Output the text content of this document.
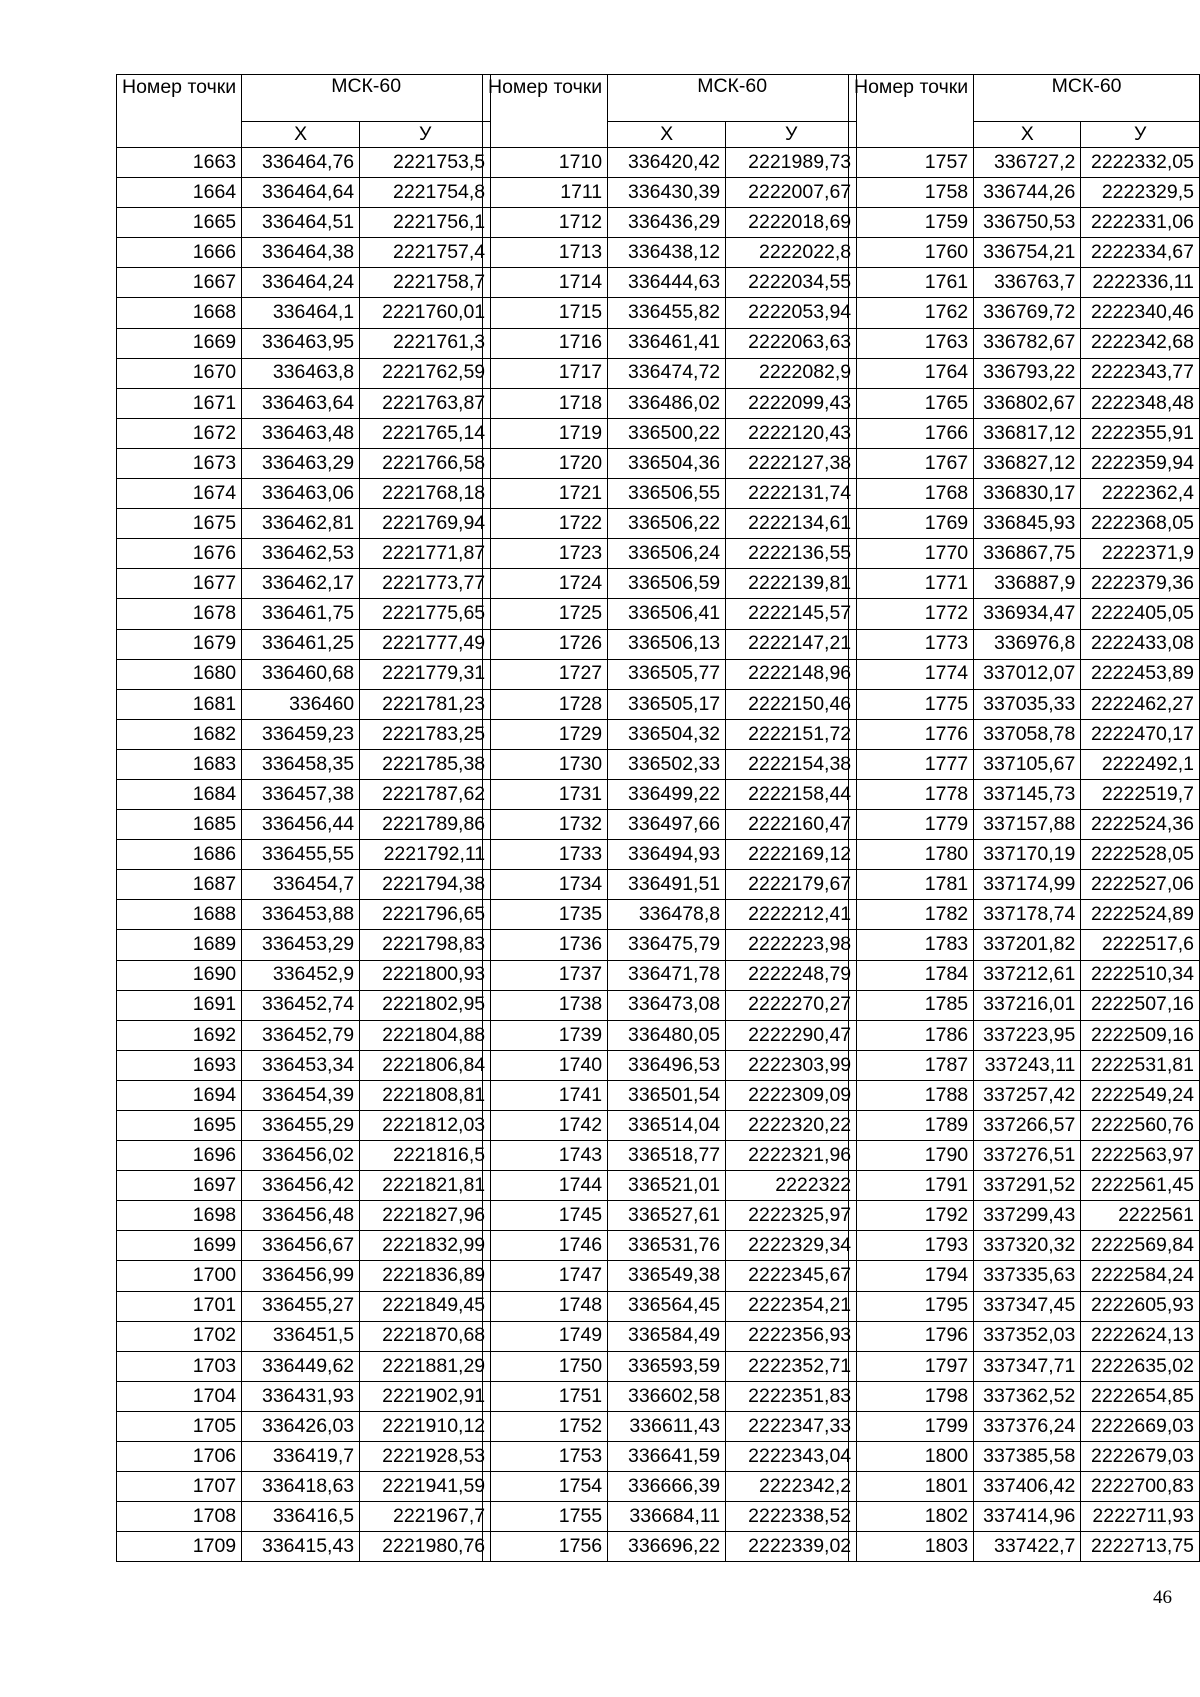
Номер точки	МСК-60	
	Х	У
1663	336464,76	2221753,5
1664	336464,64	2221754,8
1665	336464,51	2221756,1
1666	336464,38	2221757,4
1667	336464,24	2221758,7
1668	336464,1	2221760,01
1669	336463,95	2221761,3
1670	336463,8	2221762,59
1671	336463,64	2221763,87
1672	336463,48	2221765,14
1673	336463,29	2221766,58
1674	336463,06	2221768,18
1675	336462,81	2221769,94
1676	336462,53	2221771,87
1677	336462,17	2221773,77
1678	336461,75	2221775,65
1679	336461,25	2221777,49
1680	336460,68	2221779,31
1681	336460	2221781,23
1682	336459,23	2221783,25
1683	336458,35	2221785,38
1684	336457,38	2221787,62
1685	336456,44	2221789,86
1686	336455,55	2221792,11
1687	336454,7	2221794,38
1688	336453,88	2221796,65
1689	336453,29	2221798,83
1690	336452,9	2221800,93
1691	336452,74	2221802,95
1692	336452,79	2221804,88
1693	336453,34	2221806,84
1694	336454,39	2221808,81
1695	336455,29	2221812,03
1696	336456,02	2221816,5
1697	336456,42	2221821,81
1698	336456,48	2221827,96
1699	336456,67	2221832,99
1700	336456,99	2221836,89
1701	336455,27	2221849,45
1702	336451,5	2221870,68
1703	336449,62	2221881,29
1704	336431,93	2221902,91
1705	336426,03	2221910,12
1706	336419,7	2221928,53
1707	336418,63	2221941,59
1708	336416,5	2221967,7
1709	336415,43	2221980,76
Номер точки	МСК-60	
	Х	У
1710	336420,42	2221989,73
1711	336430,39	2222007,67
1712	336436,29	2222018,69
1713	336438,12	2222022,8
1714	336444,63	2222034,55
1715	336455,82	2222053,94
1716	336461,41	2222063,63
1717	336474,72	2222082,9
1718	336486,02	2222099,43
1719	336500,22	2222120,43
1720	336504,36	2222127,38
1721	336506,55	2222131,74
1722	336506,22	2222134,61
1723	336506,24	2222136,55
1724	336506,59	2222139,81
1725	336506,41	2222145,57
1726	336506,13	2222147,21
1727	336505,77	2222148,96
1728	336505,17	2222150,46
1729	336504,32	2222151,72
1730	336502,33	2222154,38
1731	336499,22	2222158,44
1732	336497,66	2222160,47
1733	336494,93	2222169,12
1734	336491,51	2222179,67
1735	336478,8	2222212,41
1736	336475,79	2222223,98
1737	336471,78	2222248,79
1738	336473,08	2222270,27
1739	336480,05	2222290,47
1740	336496,53	2222303,99
1741	336501,54	2222309,09
1742	336514,04	2222320,22
1743	336518,77	2222321,96
1744	336521,01	2222322
1745	336527,61	2222325,97
1746	336531,76	2222329,34
1747	336549,38	2222345,67
1748	336564,45	2222354,21
1749	336584,49	2222356,93
1750	336593,59	2222352,71
1751	336602,58	2222351,83
1752	336611,43	2222347,33
1753	336641,59	2222343,04
1754	336666,39	2222342,2
1755	336684,11	2222338,52
1756	336696,22	2222339,02
Номер точки	МСК-60	
	Х	У
1757	336727,2	2222332,05
1758	336744,26	2222329,5
1759	336750,53	2222331,06
1760	336754,21	2222334,67
1761	336763,7	2222336,11
1762	336769,72	2222340,46
1763	336782,67	2222342,68
1764	336793,22	2222343,77
1765	336802,67	2222348,48
1766	336817,12	2222355,91
1767	336827,12	2222359,94
1768	336830,17	2222362,4
1769	336845,93	2222368,05
1770	336867,75	2222371,9
1771	336887,9	2222379,36
1772	336934,47	2222405,05
1773	336976,8	2222433,08
1774	337012,07	2222453,89
1775	337035,33	2222462,27
1776	337058,78	2222470,17
1777	337105,67	2222492,1
1778	337145,73	2222519,7
1779	337157,88	2222524,36
1780	337170,19	2222528,05
1781	337174,99	2222527,06
1782	337178,74	2222524,89
1783	337201,82	2222517,6
1784	337212,61	2222510,34
1785	337216,01	2222507,16
1786	337223,95	2222509,16
1787	337243,11	2222531,81
1788	337257,42	2222549,24
1789	337266,57	2222560,76
1790	337276,51	2222563,97
1791	337291,52	2222561,45
1792	337299,43	2222561
1793	337320,32	2222569,84
1794	337335,63	2222584,24
1795	337347,45	2222605,93
1796	337352,03	2222624,13
1797	337347,71	2222635,02
1798	337362,52	2222654,85
1799	337376,24	2222669,03
1800	337385,58	2222679,03
1801	337406,42	2222700,83
1802	337414,96	2222711,93
1803	337422,7	2222713,75
46
